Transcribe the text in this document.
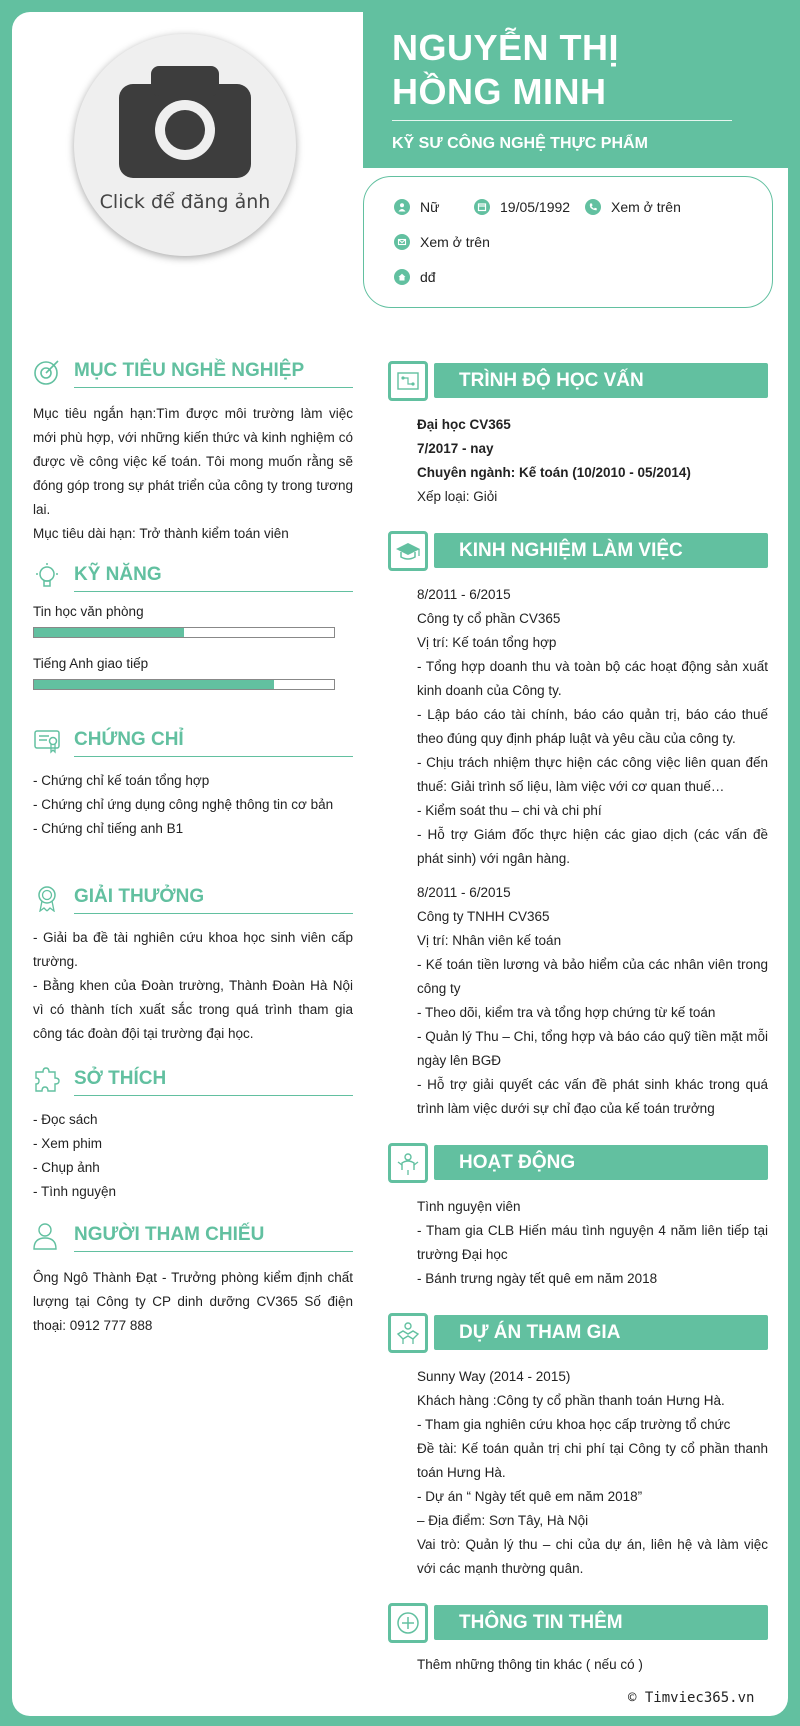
NGUYỄN THỊ HỒNG MINH
KỸ SƯ CÔNG NGHỆ THỰC PHẨM
Click để đăng ảnh	Nữ	19/05/1992	Xem ở trên
Xem ở trên
dđ
MỤC TIÊU NGHỀ NGHIỆP
Mục tiêu ngắn hạn:Tìm được môi trường làm việc mới phù hợp, với những kiến thức và kinh nghiệm có được về công việc kế toán. Tôi mong muốn rằng sẽ đóng góp trong sự phát triển của công ty trong tương lai.
Mục tiêu dài hạn: Trở thành kiểm toán viên
KỸ NĂNG
Tin học văn phòng
Tiếng Anh giao tiếp
CHỨNG CHỈ
- Chứng chỉ kế toán tổng hợp
- Chứng chỉ ứng dụng công nghệ thông tin cơ bản
- Chứng chỉ tiếng anh B1
GIẢI THƯỞNG
- Giải ba đề tài nghiên cứu khoa học sinh viên cấp trường.
- Bằng khen của Đoàn trường, Thành Đoàn Hà Nội vì có thành tích xuất sắc trong quá trình tham gia công tác đoàn đội tại trường đại học.
SỞ THÍCH
- Đọc sách
- Xem phim
- Chụp ảnh
- Tình nguyện
NGƯỜI THAM CHIẾU
Ông Ngô Thành Đạt - Trưởng phòng kiểm định chất lượng tại Công ty CP dinh dưỡng CV365 Số điện thoại: 0912 777 888
TRÌNH ĐỘ HỌC VẤN
Đại học CV365
7/2017 - nay
Chuyên ngành: Kế toán (10/2010 - 05/2014)
Xếp loại: Giỏi
KINH NGHIỆM LÀM VIỆC
8/2011 - 6/2015
Công ty cổ phần CV365
Vị trí: Kế toán tổng hợp
- Tổng hợp doanh thu và toàn bộ các hoạt động sản xuất kinh doanh của Công ty.
- Lập báo cáo tài chính, báo cáo quản trị, báo cáo thuế theo đúng quy định pháp luật và yêu cầu của công ty.
- Chịu trách nhiệm thực hiện các công việc liên quan đến thuế: Giải trình số liệu, làm việc với cơ quan thuế…
- Kiểm soát thu – chi và chi phí
- Hỗ trợ Giám đốc thực hiện các giao dịch (các vấn đề phát sinh) với ngân hàng.
8/2011 - 6/2015
Công ty TNHH CV365
Vị trí: Nhân viên kế toán
- Kế toán tiền lương và bảo hiểm của các nhân viên trong công ty
- Theo dõi, kiểm tra và tổng hợp chứng từ kế toán
- Quản lý Thu – Chi, tổng hợp và báo cáo quỹ tiền mặt mỗi ngày lên BGĐ
- Hỗ trợ giải quyết các vấn đề phát sinh khác trong quá trình làm việc dưới sự chỉ đạo của kế toán trưởng
HOẠT ĐỘNG
Tình nguyện viên
- Tham gia CLB Hiến máu tình nguyện 4 năm liên tiếp tại trường Đại học
- Bánh trưng ngày tết quê em năm 2018
DỰ ÁN THAM GIA
Sunny Way (2014 - 2015)
Khách hàng :Công ty cổ phần thanh toán Hưng Hà.
- Tham gia nghiên cứu khoa học cấp trường tổ chức
Đề tài: Kế toán quản trị chi phí tại Công ty cổ phần thanh toán Hưng Hà.
- Dự án “ Ngày tết quê em năm 2018”
– Địa điểm: Sơn Tây, Hà Nội
Vai trò: Quản lý thu – chi của dự án, liên hệ và làm việc với các mạnh thường quân.
THÔNG TIN THÊM
Thêm những thông tin khác ( nếu có )
© Timviec365.vn
